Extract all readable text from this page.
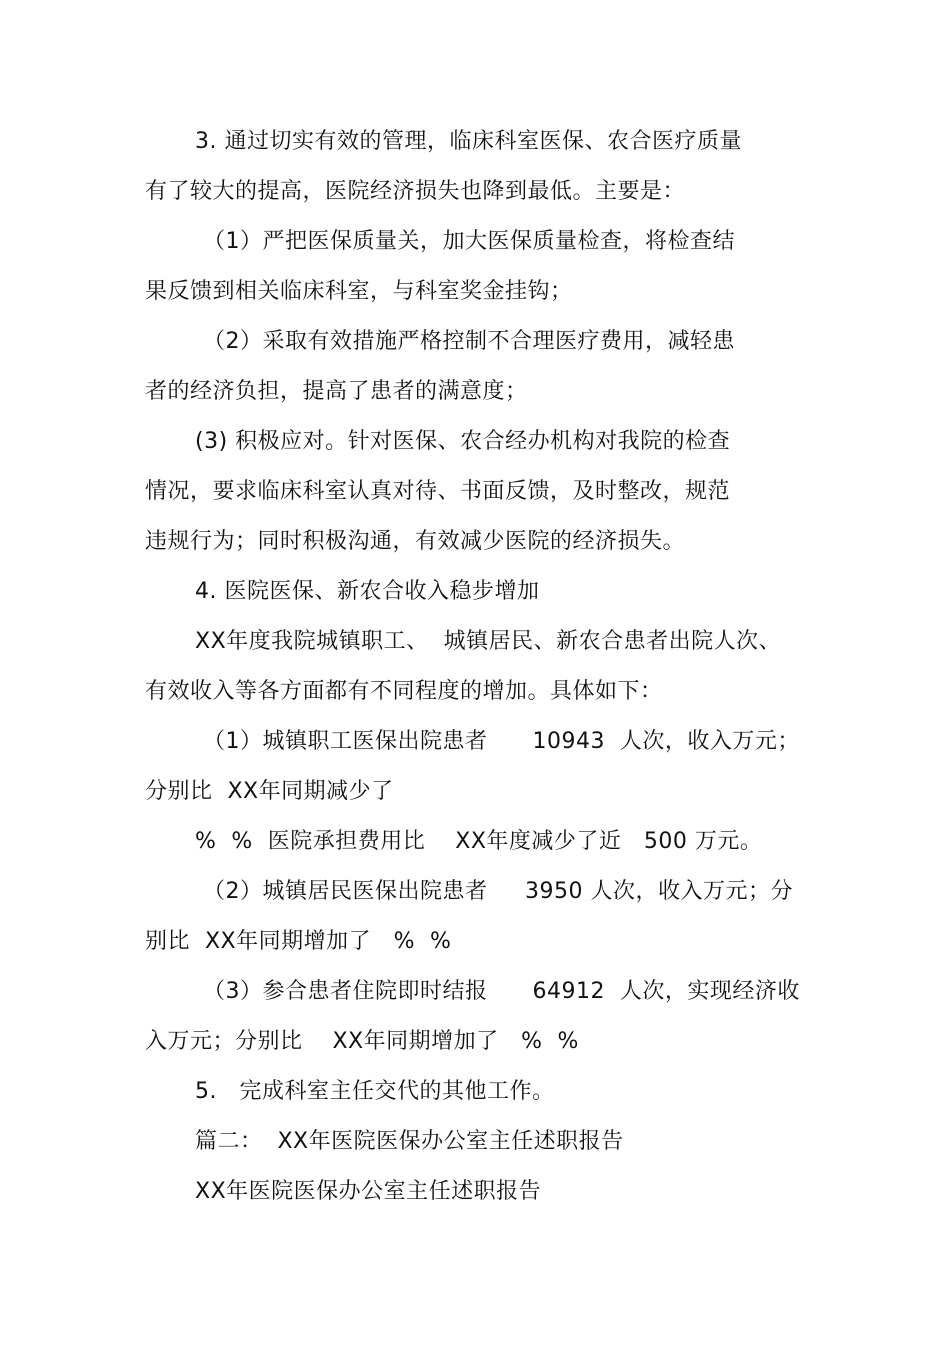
3. 通过切实有效的管理，临床科室医保、农合医疗质量
有了较大的提高，医院经济损失也降到最低。主要是：
（1）严把医保质量关，加大医保质量检查，将检查结
果反馈到相关临床科室，与科室奖金挂钩；
（2）采取有效措施严格控制不合理医疗费用，减轻患
者的经济负担，提高了患者的满意度；
(3) 积极应对。针对医保、农合经办机构对我院的检查
情况，要求临床科室认真对待、书面反馈，及时整改，规范
违规行为；同时积极沟通，有效减少医院的经济损失。
4. 医院医保、新农合收入稳步增加
XX年度我院城镇职工、  城镇居民、新农合患者出院人次、
有效收入等各方面都有不同程度的增加。具体如下：
（1）城镇职工医保出院患者      10943  人次，收入万元；
分别比  XX年同期减少了
%  %  医院承担费用比    XX年度减少了近   500 万元。
（2）城镇居民医保出院患者     3950 人次，收入万元；分
别比  XX年同期增加了   %  %
（3）参合患者住院即时结报      64912  人次，实现经济收
入万元；分别比    XX年同期增加了   %  %
5.   完成科室主任交代的其他工作。
篇二：  XX年医院医保办公室主任述职报告
XX年医院医保办公室主任述职报告
